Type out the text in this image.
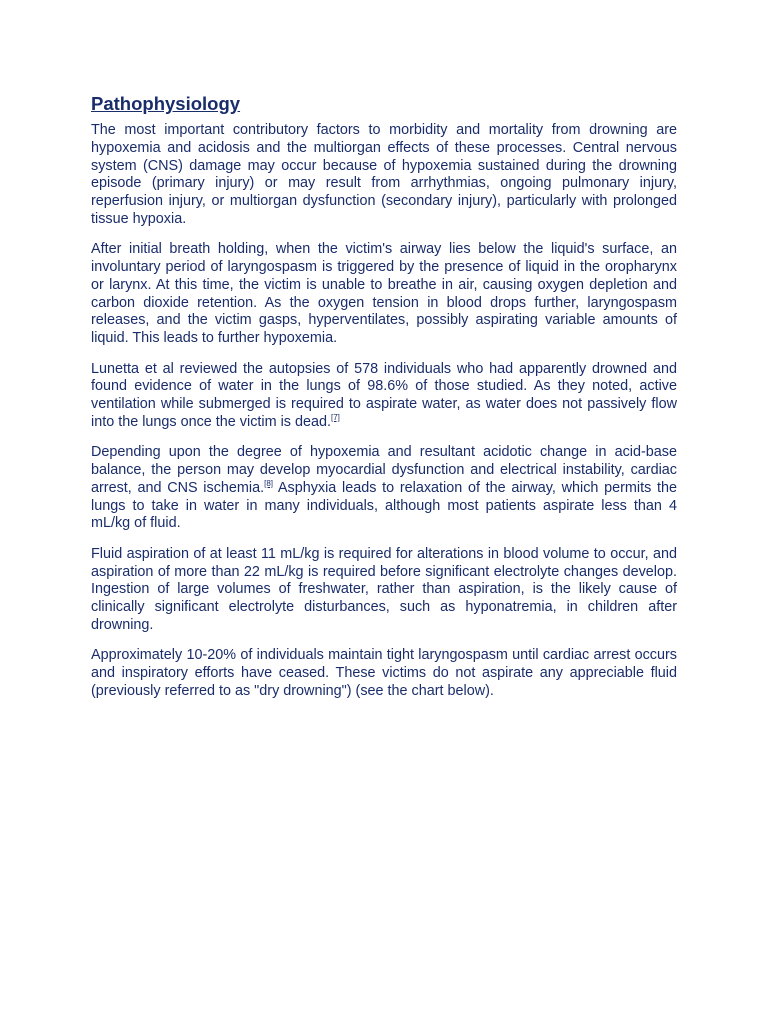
Pathophysiology

The most important contributory factors to morbidity and mortality from drowning are hypoxemia and acidosis and the multiorgan effects of these processes. Central nervous system (CNS) damage may occur because of hypoxemia sustained during the drowning episode (primary injury) or may result from arrhythmias, ongoing pulmonary injury, reperfusion injury, or multiorgan dysfunction (secondary injury), particularly with prolonged tissue hypoxia.

After initial breath holding, when the victim's airway lies below the liquid's surface, an involuntary period of laryngospasm is triggered by the presence of liquid in the oropharynx or larynx. At this time, the victim is unable to breathe in air, causing oxygen depletion and carbon dioxide retention. As the oxygen tension in blood drops further, laryngospasm releases, and the victim gasps, hyperventilates, possibly aspirating variable amounts of liquid. This leads to further hypoxemia.

Lunetta et al reviewed the autopsies of 578 individuals who had apparently drowned and found evidence of water in the lungs of 98.6% of those studied. As they noted, active ventilation while submerged is required to aspirate water, as water does not passively flow into the lungs once the victim is dead.[7]

Depending upon the degree of hypoxemia and resultant acidotic change in acid-base balance, the person may develop myocardial dysfunction and electrical instability, cardiac arrest, and CNS ischemia.[8] Asphyxia leads to relaxation of the airway, which permits the lungs to take in water in many individuals, although most patients aspirate less than 4 mL/kg of fluid.

Fluid aspiration of at least 11 mL/kg is required for alterations in blood volume to occur, and aspiration of more than 22 mL/kg is required before significant electrolyte changes develop. Ingestion of large volumes of freshwater, rather than aspiration, is the likely cause of clinically significant electrolyte disturbances, such as hyponatremia, in children after drowning.

Approximately 10-20% of individuals maintain tight laryngospasm until cardiac arrest occurs and inspiratory efforts have ceased. These victims do not aspirate any appreciable fluid (previously referred to as "dry drowning") (see the chart below).
